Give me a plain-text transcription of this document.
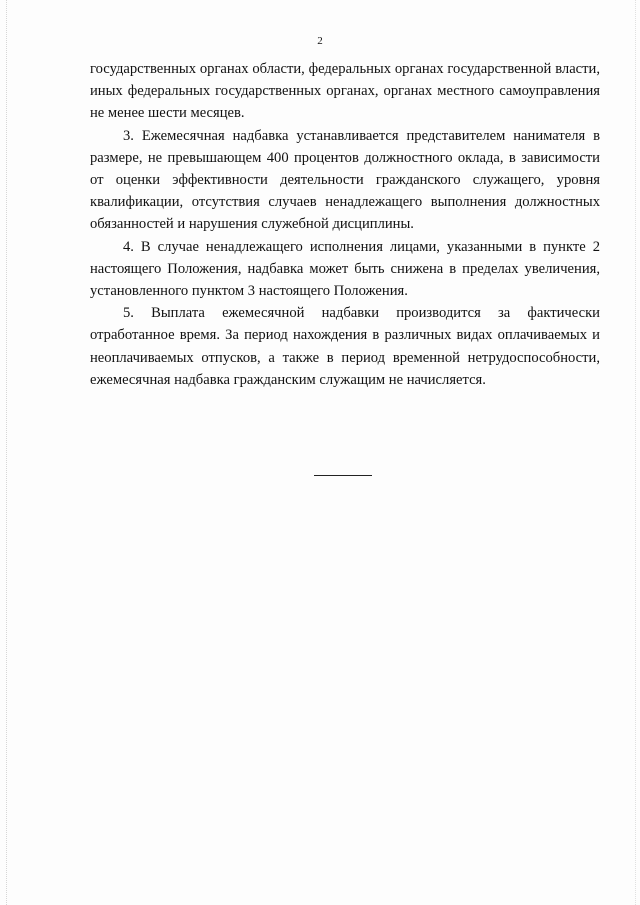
2

государственных органах области, федеральных органах государственной власти, иных федеральных государственных органах, органах местного самоуправления не менее шести месяцев.

3. Ежемесячная надбавка устанавливается представителем нанимателя в размере, не превышающем 400 процентов должностного оклада, в зависимости от оценки эффективности деятельности гражданского служащего, уровня квалификации, отсутствия случаев ненадлежащего выполнения должностных обязанностей и нарушения служебной дисциплины.

4. В случае ненадлежащего исполнения лицами, указанными в пункте 2 настоящего Положения, надбавка может быть снижена в пределах увеличения, установленного пунктом 3 настоящего Положения.

5. Выплата ежемесячной надбавки производится за фактически отработанное время. За период нахождения в различных видах оплачиваемых и неоплачиваемых отпусков, а также в период временной нетрудоспособности, ежемесячная надбавка гражданским служащим не начисляется.
